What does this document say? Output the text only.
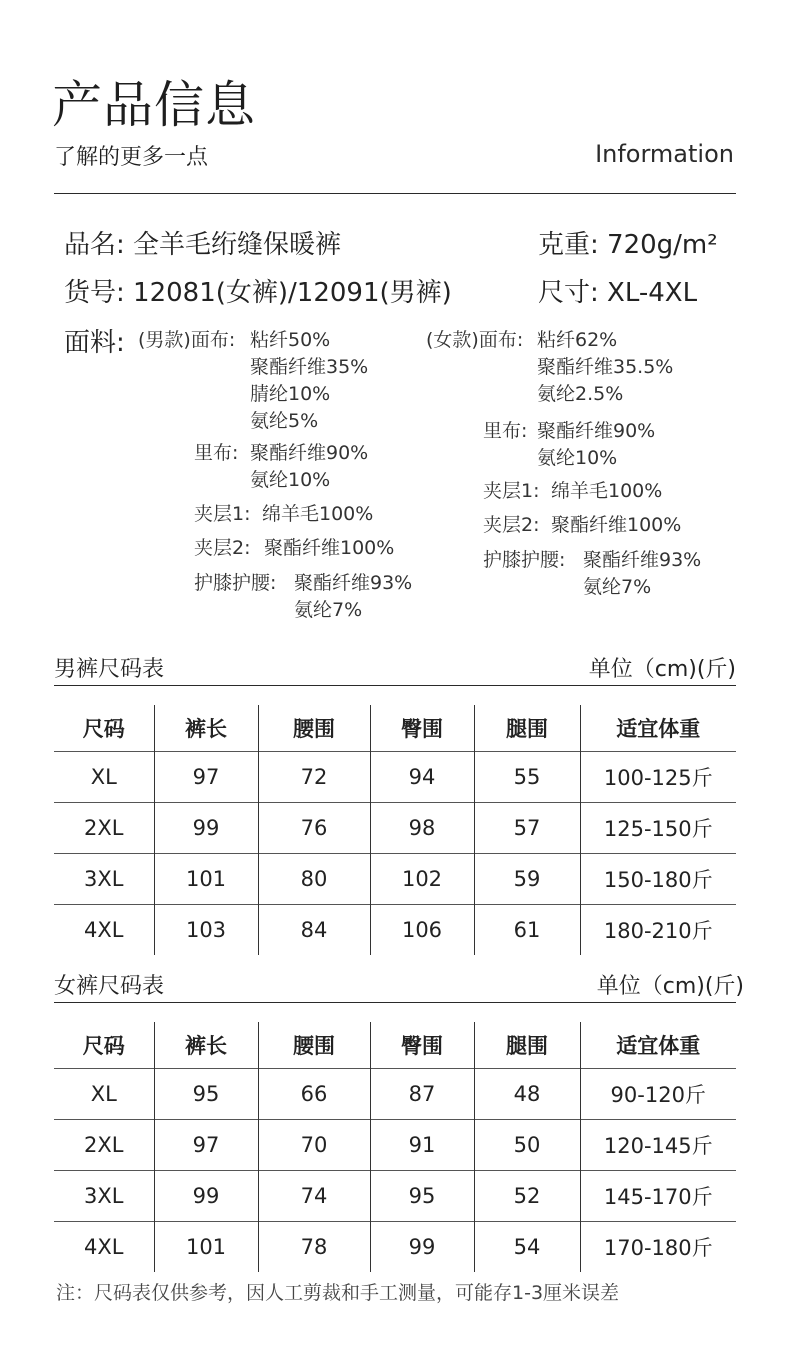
产品信息
了解的更多一点	Information
品名: 全羊毛绗缝保暖裤	克重: 720g/m²
货号: 12081(女裤)/12091(男裤)	尺寸: XL-4XL
面料: (男款)面布: 粘纤50%
聚酯纤维35%
腈纶10%
氨纶5%
里布: 聚酯纤维90%
氨纶10%
夹层1: 绵羊毛100%
夹层2: 聚酯纤维100%
护膝护腰: 聚酯纤维93%
氨纶7%
(女款)面布: 粘纤62%
聚酯纤维35.5%
氨纶2.5%
里布: 聚酯纤维90%
氨纶10%
夹层1: 绵羊毛100%
夹层2: 聚酯纤维100%
护膝护腰: 聚酯纤维93%
氨纶7%
男裤尺码表	单位（cm)(斤)
尺码	裤长	腰围	臀围	腿围	适宜体重
XL	97	72	94	55	100-125斤
2XL	99	76	98	57	125-150斤
3XL	101	80	102	59	150-180斤
4XL	103	84	106	61	180-210斤
女裤尺码表	单位（cm)(斤)
尺码	裤长	腰围	臀围	腿围	适宜体重
XL	95	66	87	48	90-120斤
2XL	97	70	91	50	120-145斤
3XL	99	74	95	52	145-170斤
4XL	101	78	99	54	170-180斤
注：尺码表仅供参考，因人工剪裁和手工测量，可能存1-3厘米误差
